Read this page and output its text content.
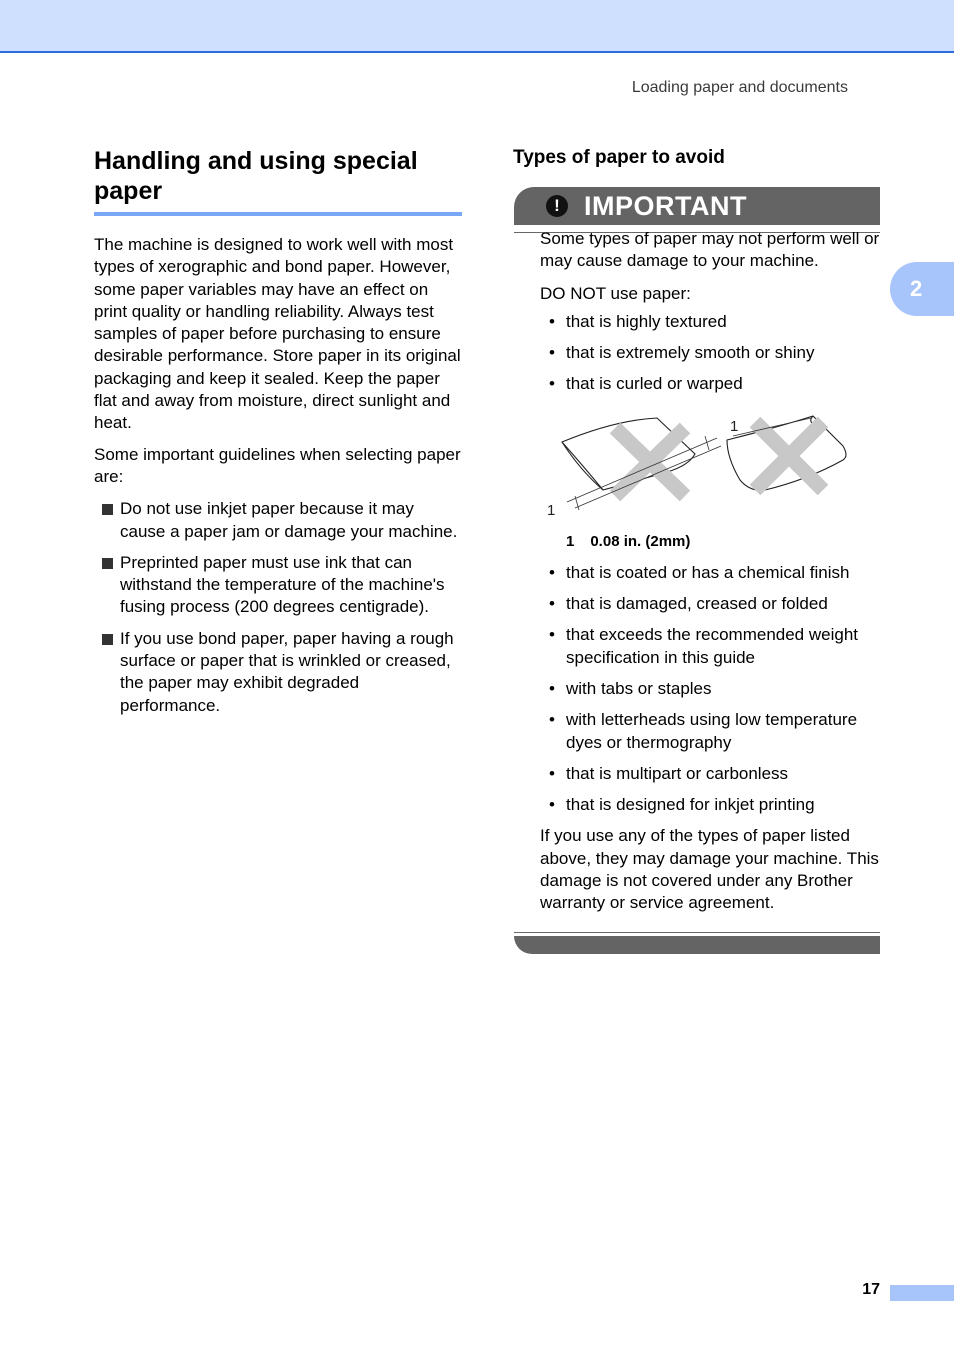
Loading paper and documents
2
Handling and using special paper

The machine is designed to work well with most types of xerographic and bond paper. However, some paper variables may have an effect on print quality or handling reliability. Always test samples of paper before purchasing to ensure desirable performance. Store paper in its original packaging and keep it sealed. Keep the paper flat and away from moisture, direct sunlight and heat.

Some important guidelines when selecting paper are:

Do not use inkjet paper because it may cause a paper jam or damage your machine.
Preprinted paper must use ink that can withstand the temperature of the machine's fusing process (200 degrees centigrade).
If you use bond paper, paper having a rough surface or paper that is wrinkled or creased, the paper may exhibit degraded performance.
Types of paper to avoid
! IMPORTANT

Some types of paper may not perform well or may cause damage to your machine.

DO NOT use paper:

• that is highly textured
• that is extremely smooth or shiny
• that is curled or warped
1
1

1 0.08 in. (2mm)

• that is coated or has a chemical finish
• that is damaged, creased or folded
• that exceeds the recommended weight specification in this guide
• with tabs or staples
• with letterheads using low temperature dyes or thermography
• that is multipart or carbonless
• that is designed for inkjet printing

If you use any of the types of paper listed above, they may damage your machine. This damage is not covered under any Brother warranty or service agreement.

17
